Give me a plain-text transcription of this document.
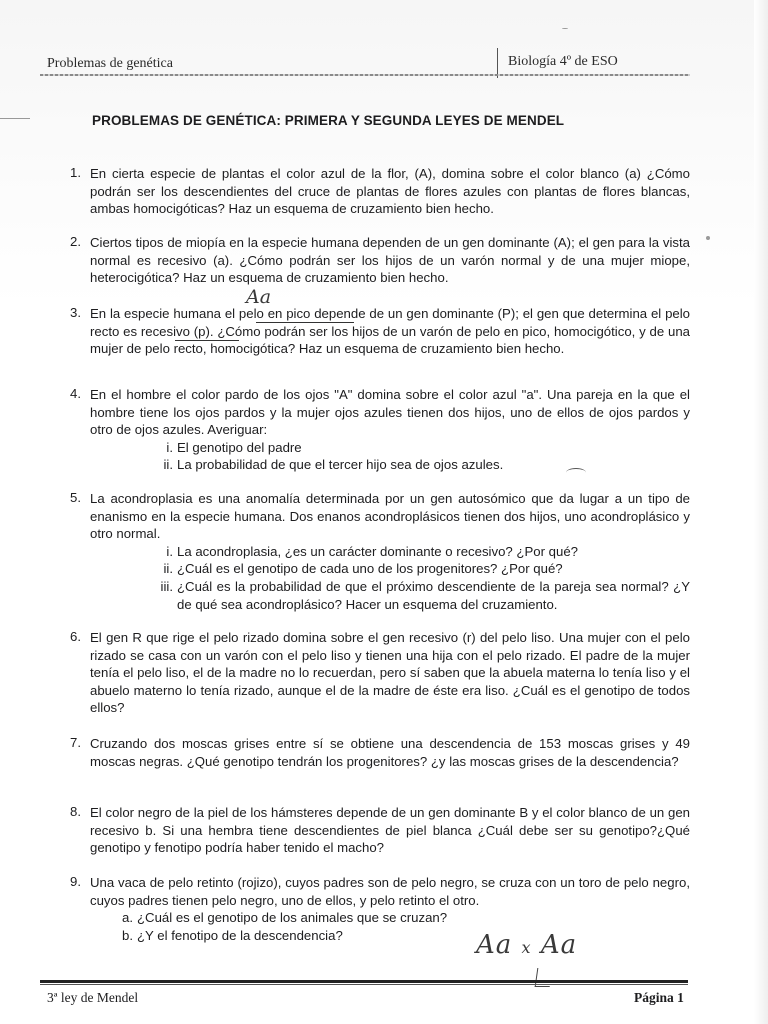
Problemas de genética	Biología 4º de ESO
PROBLEMAS DE GENÉTICA: PRIMERA Y SEGUNDA LEYES DE MENDEL
1. En cierta especie de plantas el color azul de la flor, (A), domina sobre el color blanco (a) ¿Cómo podrán ser los descendientes del cruce de plantas de flores azules con plantas de flores blancas, ambas homocigóticas? Haz un esquema de cruzamiento bien hecho.
2. Ciertos tipos de miopía en la especie humana dependen de un gen dominante (A); el gen para la vista normal es recesivo (a). ¿Cómo podrán ser los hijos de un varón normal y de una mujer miope, heterocigótica? Haz un esquema de cruzamiento bien hecho.
3. En la especie humana el pelo en pico depende de un gen dominante (P); el gen que determina el pelo recto es recesivo (p). ¿Cómo podrán ser los hijos de un varón de pelo en pico, homocigótico, y de una mujer de pelo recto, homocigótica? Haz un esquema de cruzamiento bien hecho.
4. En el hombre el color pardo de los ojos "A" domina sobre el color azul "a". Una pareja en la que el hombre tiene los ojos pardos y la mujer ojos azules tienen dos hijos, uno de ellos de ojos pardos y otro de ojos azules. Averiguar:
i. El genotipo del padre
ii. La probabilidad de que el tercer hijo sea de ojos azules.
5. La acondroplasia es una anomalía determinada por un gen autosómico que da lugar a un tipo de enanismo en la especie humana. Dos enanos acondroplásicos tienen dos hijos, uno acondroplásico y otro normal.
i. La acondroplasia, ¿es un carácter dominante o recesivo? ¿Por qué?
ii. ¿Cuál es el genotipo de cada uno de los progenitores? ¿Por qué?
iii. ¿Cuál es la probabilidad de que el próximo descendiente de la pareja sea normal? ¿Y de qué sea acondroplásico? Hacer un esquema del cruzamiento.
6. El gen R que rige el pelo rizado domina sobre el gen recesivo (r) del pelo liso. Una mujer con el pelo rizado se casa con un varón con el pelo liso y tienen una hija con el pelo rizado. El padre de la mujer tenía el pelo liso, el de la madre no lo recuerdan, pero sí saben que la abuela materna lo tenía liso y el abuelo materno lo tenía rizado, aunque el de la madre de éste era liso. ¿Cuál es el genotipo de todos ellos?
7. Cruzando dos moscas grises entre sí se obtiene una descendencia de 153 moscas grises y 49 moscas negras. ¿Qué genotipo tendrán los progenitores? ¿y las moscas grises de la descendencia?
8. El color negro de la piel de los hámsteres depende de un gen dominante B y el color blanco de un gen recesivo b. Si una hembra tiene descendientes de piel blanca ¿Cuál debe ser su genotipo?¿Qué genotipo y fenotipo podría haber tenido el macho?
9. Una vaca de pelo retinto (rojizo), cuyos padres son de pelo negro, se cruza con un toro de pelo negro, cuyos padres tienen pelo negro, uno de ellos, y pelo retinto el otro.
a. ¿Cuál es el genotipo de los animales que se cruzan?
b. ¿Y el fenotipo de la descendencia?
Aa
Aa x Aa
3ª ley de Mendel	Página 1
